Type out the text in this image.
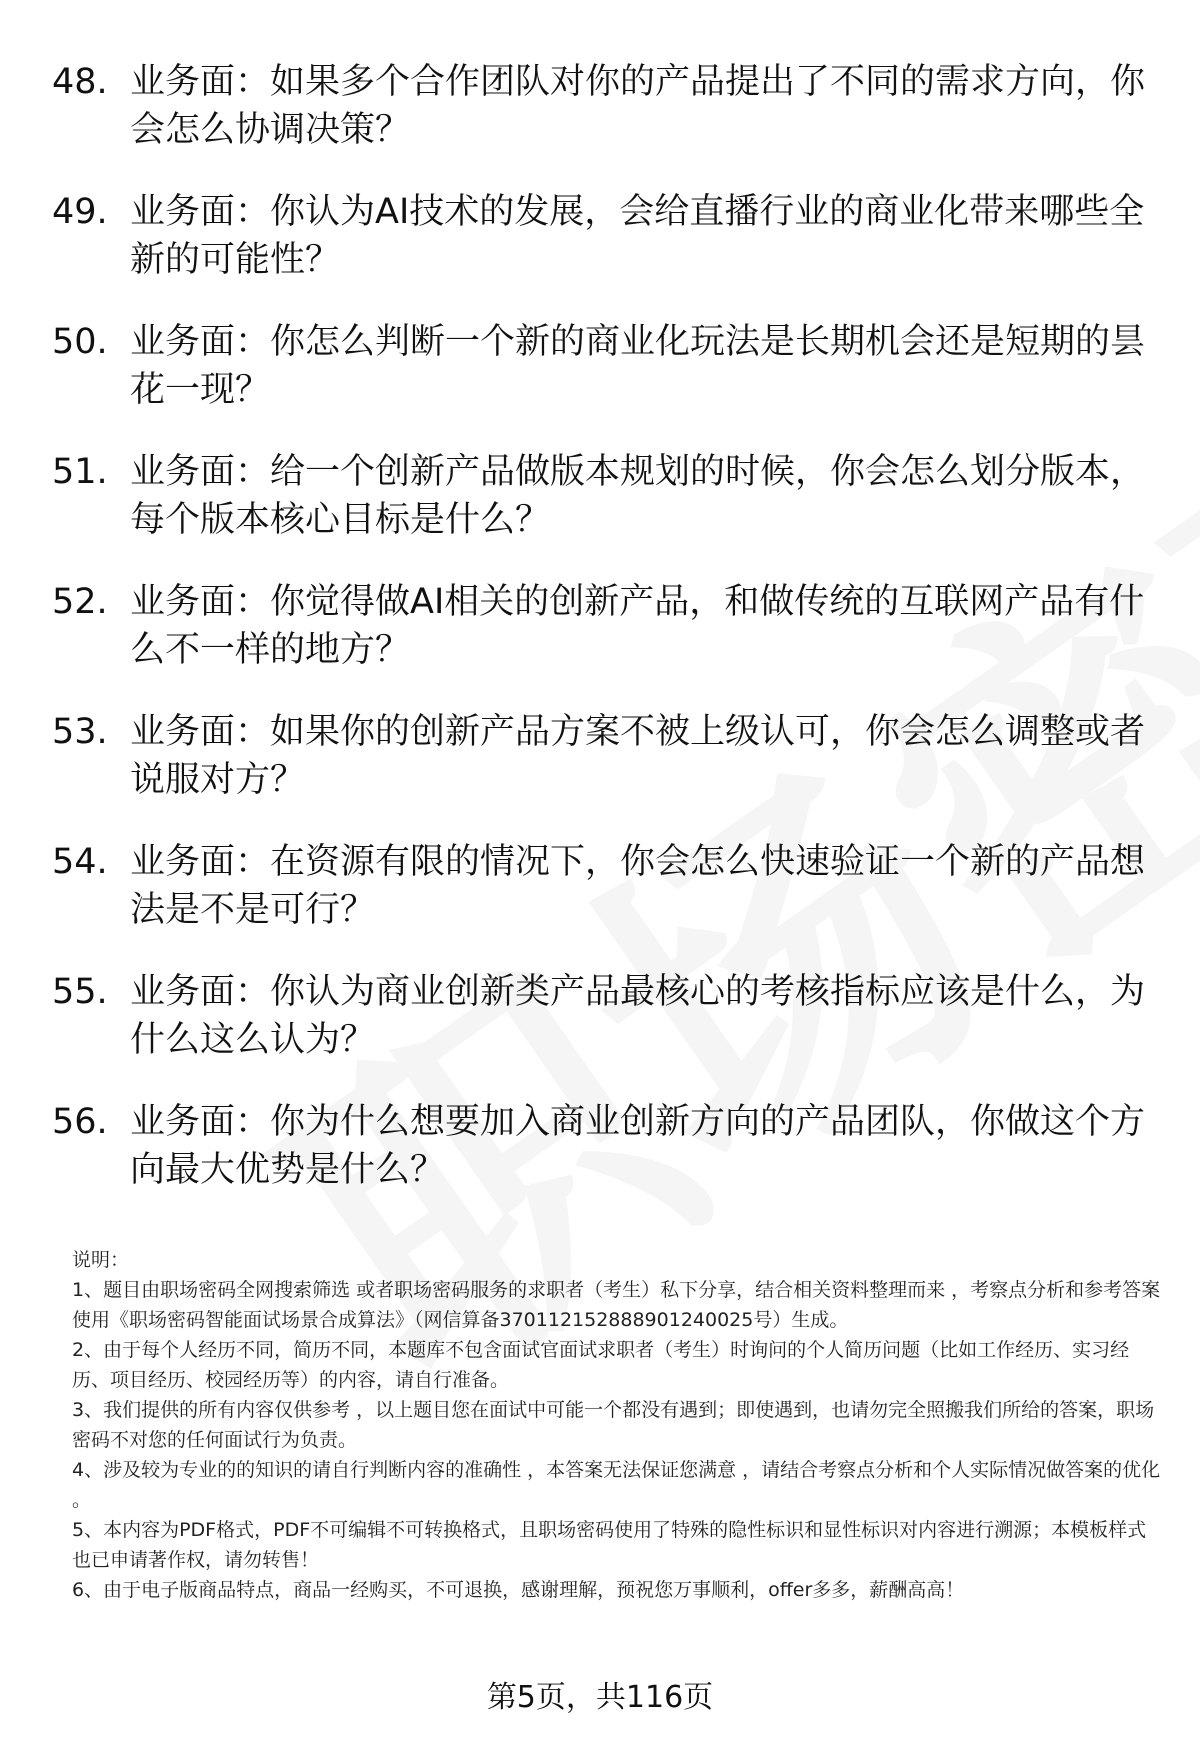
48. 业务面：如果多个合作团队对你的产品提出了不同的需求方向，你会怎么协调决策？
49. 业务面：你认为AI技术的发展，会给直播行业的商业化带来哪些全新的可能性？
50. 业务面：你怎么判断一个新的商业化玩法是长期机会还是短期的昙花一现？
51. 业务面：给一个创新产品做版本规划的时候，你会怎么划分版本，每个版本核心目标是什么？
52. 业务面：你觉得做AI相关的创新产品，和做传统的互联网产品有什么不一样的地方？
53. 业务面：如果你的创新产品方案不被上级认可，你会怎么调整或者说服对方？
54. 业务面：在资源有限的情况下，你会怎么快速验证一个新的产品想法是不是可行？
55. 业务面：你认为商业创新类产品最核心的考核指标应该是什么，为什么这么认为？
56. 业务面：你为什么想要加入商业创新方向的产品团队，你做这个方向最大优势是什么？

说明：

1、题目由职场密码全网搜索筛选 或者职场密码服务的求职者（考生）私下分享，结合相关资料整理而来 ，考察点分析和参考答案使用《职场密码智能面试场景合成算法》（网信算备370112152888901240025号）生成。

2、由于每个人经历不同，简历不同，本题库不包含面试官面试求职者（考生）时询问的个人简历问题（比如工作经历、实习经历、项目经历、校园经历等）的内容，请自行准备。

3、我们提供的所有内容仅供参考 ，以上题目您在面试中可能一个都没有遇到；即使遇到，也请勿完全照搬我们所给的答案，职场密码不对您的任何面试行为负责。

4、涉及较为专业的的知识的请自行判断内容的准确性 ，本答案无法保证您满意 ，请结合考察点分析和个人实际情况做答案的优化 。

5、本内容为PDF格式，PDF不可编辑不可转换格式，且职场密码使用了特殊的隐性标识和显性标识对内容进行溯源；本模板样式也已申请著作权，请勿转售！

6、由于电子版商品特点，商品一经购买，不可退换，感谢理解，预祝您万事顺利，offer多多，薪酬高高！

第5页，共116页
